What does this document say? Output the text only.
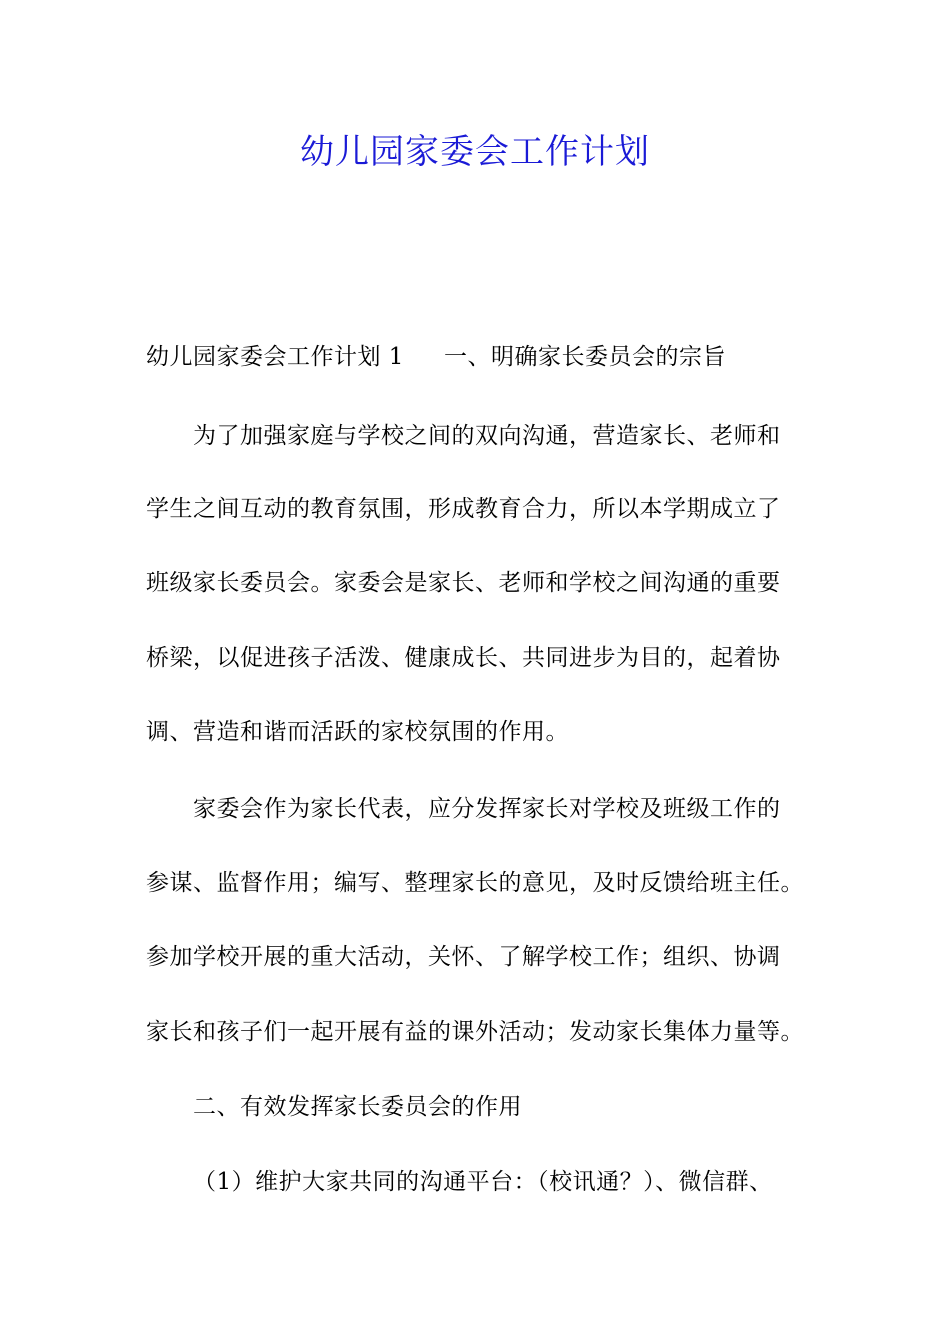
幼儿园家委会工作计划
幼儿园家委会工作计划 1 一、明确家长委员会的宗旨
为了加强家庭与学校之间的双向沟通，营造家长、老师和
学生之间互动的教育氛围，形成教育合力，所以本学期成立了
班级家长委员会。家委会是家长、老师和学校之间沟通的重要
桥梁，以促进孩子活泼、健康成长、共同进步为目的，起着协
调、营造和谐而活跃的家校氛围的作用。
家委会作为家长代表，应分发挥家长对学校及班级工作的
参谋、监督作用；编写、整理家长的意见，及时反馈给班主任。
参加学校开展的重大活动，关怀、了解学校工作；组织、协调
家长和孩子们一起开展有益的课外活动；发动家长集体力量等。
二、有效发挥家长委员会的作用
（1）维护大家共同的沟通平台：（校讯通？）、微信群、
